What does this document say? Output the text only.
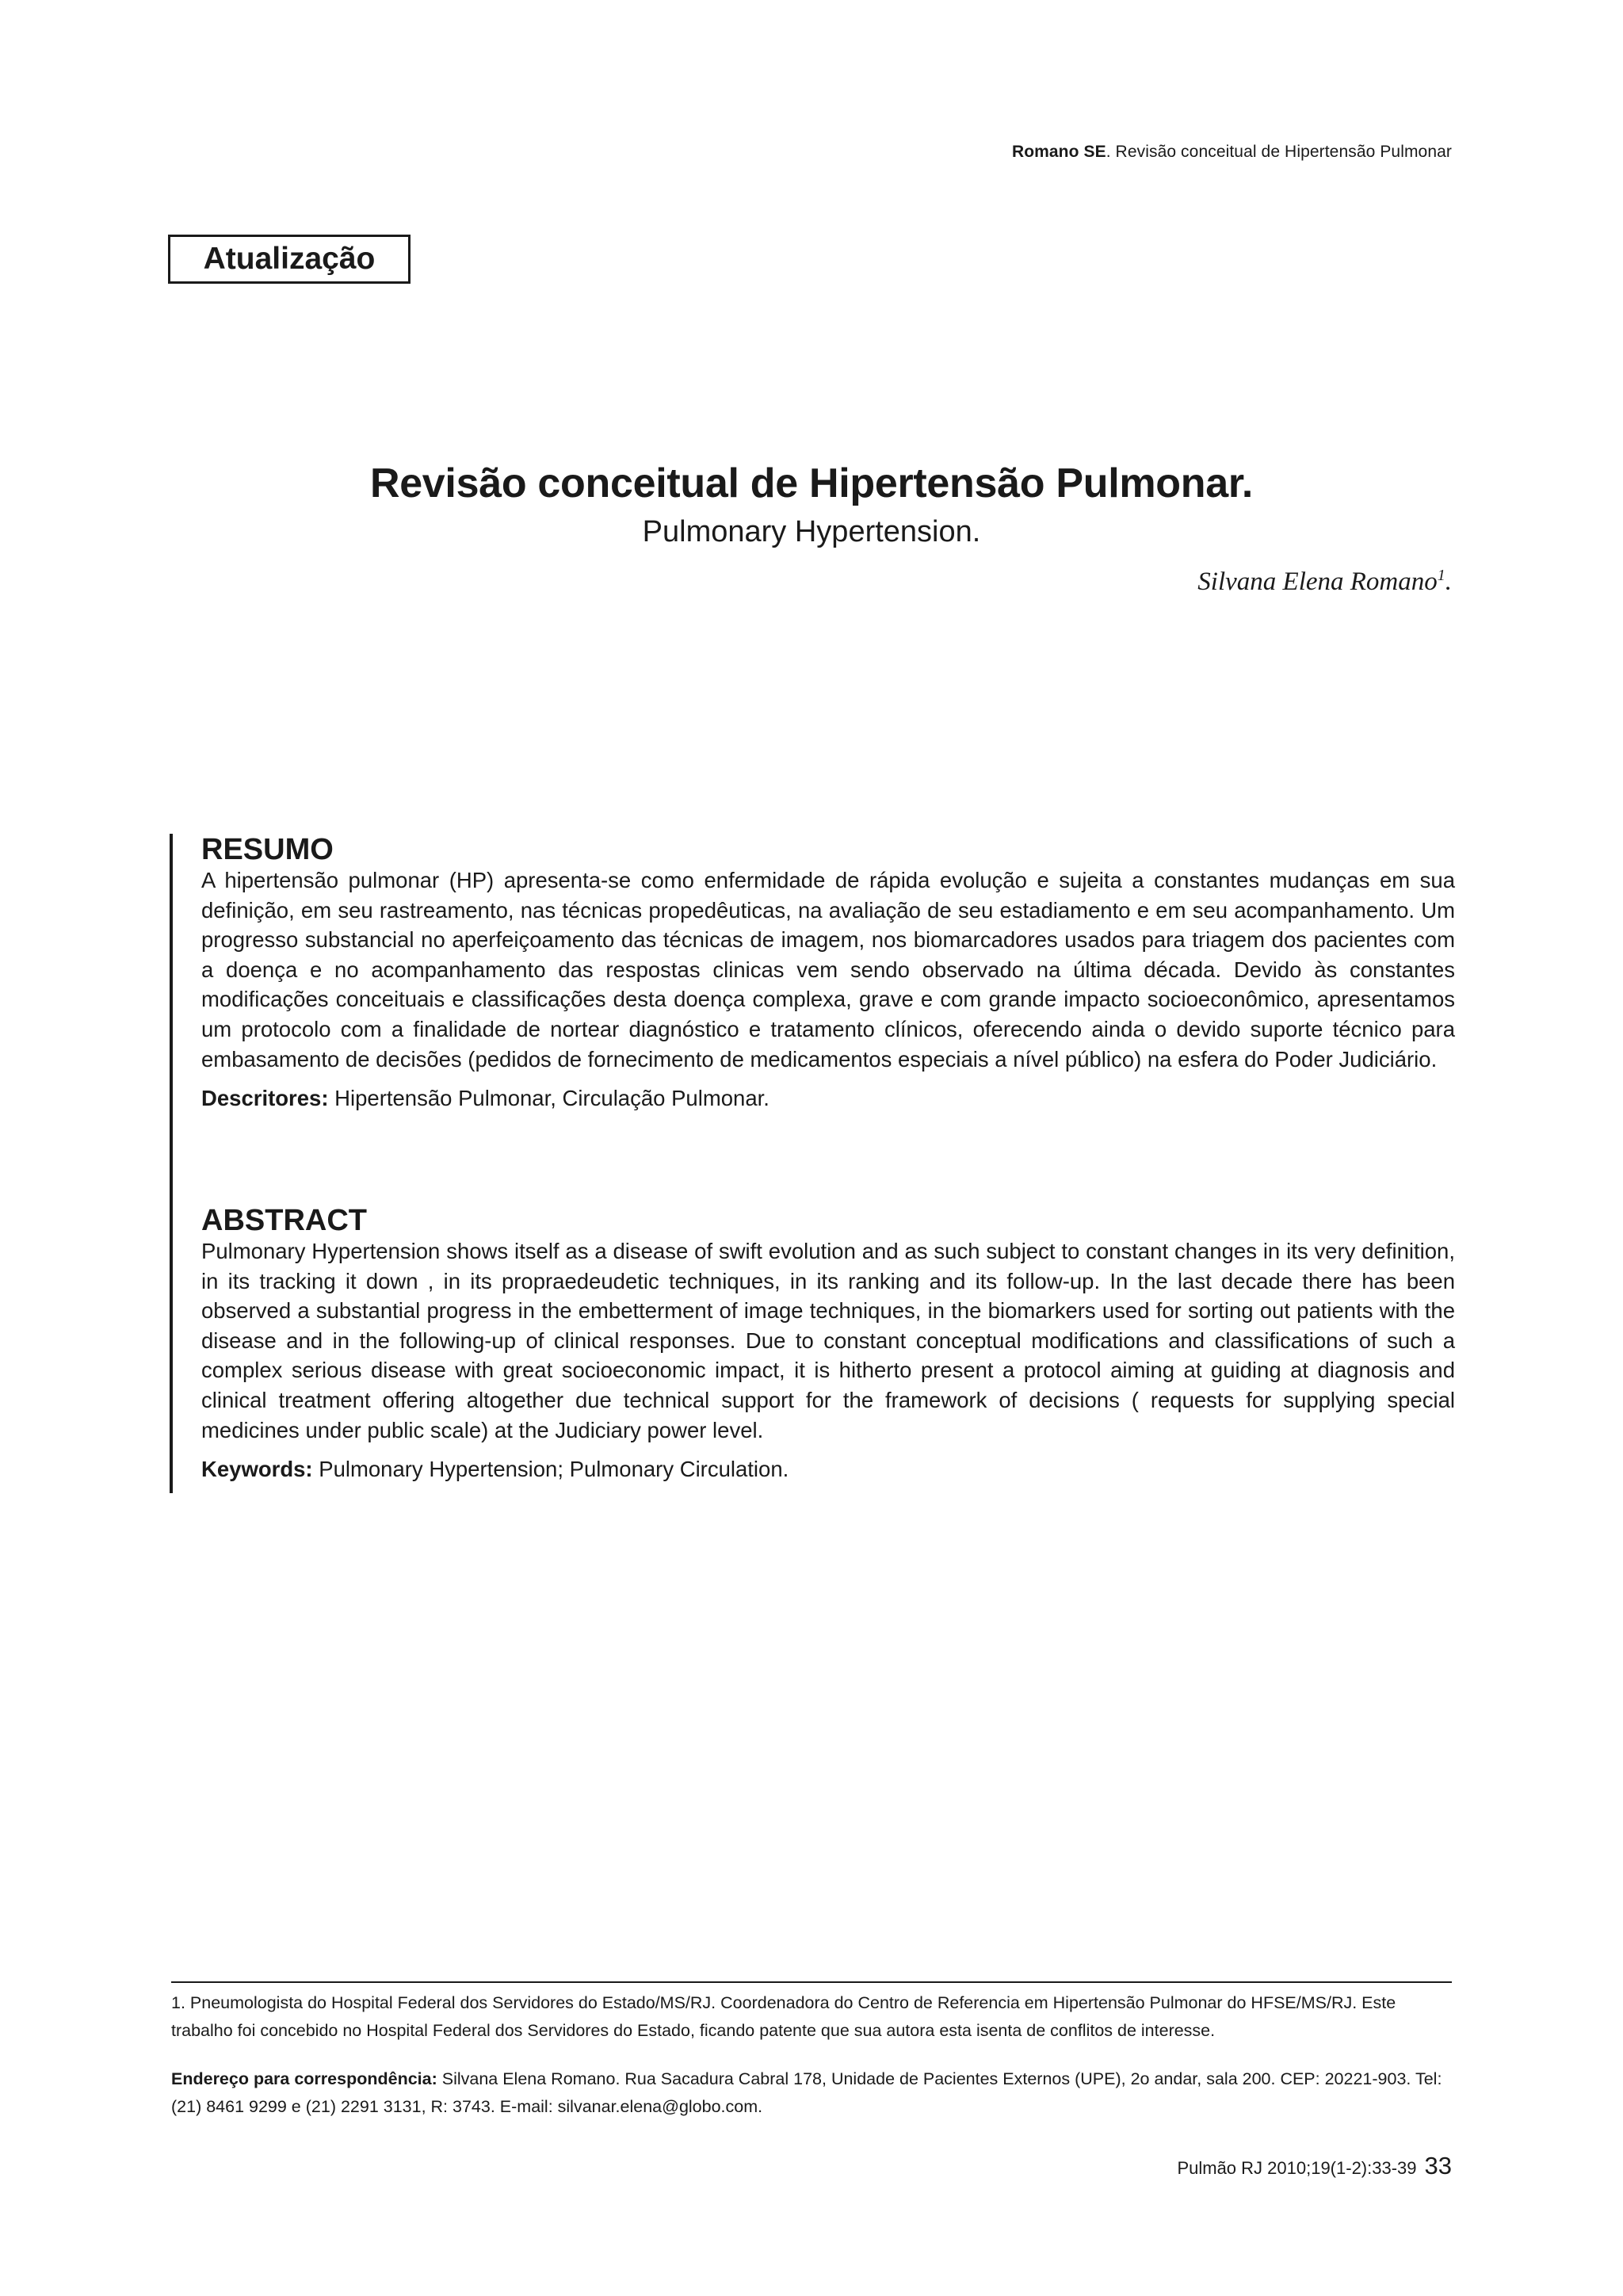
Romano SE. Revisão conceitual de Hipertensão Pulmonar
Atualização
Revisão conceitual de Hipertensão Pulmonar.
Pulmonary Hypertension.
Silvana Elena Romano$^1$.
RESUMO

A hipertensão pulmonar (HP) apresenta-se como enfermidade de rápida evolução e sujeita a constantes mudanças em sua definição, em seu rastreamento, nas técnicas propedêuticas, na avaliação de seu estadiamento e em seu acompanhamento. Um progresso substancial no aperfeiçoamento das técnicas de imagem, nos biomarcadores usados para triagem dos pacientes com a doença e no acompanhamento das respostas clinicas vem sendo observado na última década. Devido às constantes modificações conceituais e classificações desta doença complexa, grave e com grande impacto socioeconômico, apresentamos um protocolo com a finalidade de nortear diagnóstico e tratamento clínicos, oferecendo ainda o devido suporte técnico para embasamento de decisões (pedidos de fornecimento de medicamentos especiais a nível público) na esfera do Poder Judiciário.

Descritores: Hipertensão Pulmonar, Circulação Pulmonar.

ABSTRACT

Pulmonary Hypertension shows itself as a disease of swift evolution and as such subject to constant changes in its very definition, in its tracking it down , in its propraedeudetic techniques, in its ranking and its follow-up. In the last decade there has been observed a substantial progress in the embetterment of image techniques, in the biomarkers used for sorting out patients with the disease and in the following-up of clinical responses. Due to constant conceptual modifications and classifications of such a complex serious disease with great socioeconomic impact, it is hitherto present a protocol aiming at guiding at diagnosis and clinical treatment offering altogether due technical support for the framework of decisions ( requests for supplying special medicines under public scale) at the Judiciary power level.

Keywords: Pulmonary Hypertension; Pulmonary Circulation.

1. Pneumologista do Hospital Federal dos Servidores do Estado/MS/RJ. Coordenadora do Centro de Referencia em Hipertensão Pulmonar do HFSE/MS/RJ. Este trabalho foi concebido no Hospital Federal dos Servidores do Estado, ficando patente que sua autora esta isenta de conflitos de interesse.

Endereço para correspondência: Silvana Elena Romano. Rua Sacadura Cabral 178, Unidade de Pacientes Externos (UPE), 2o andar, sala 200. CEP: 20221-903. Tel: (21) 8461 9299 e (21) 2291 3131, R: 3743. E-mail: silvanar.elena@globo.com.

Pulmão RJ 2010;19(1-2):33-39 33
